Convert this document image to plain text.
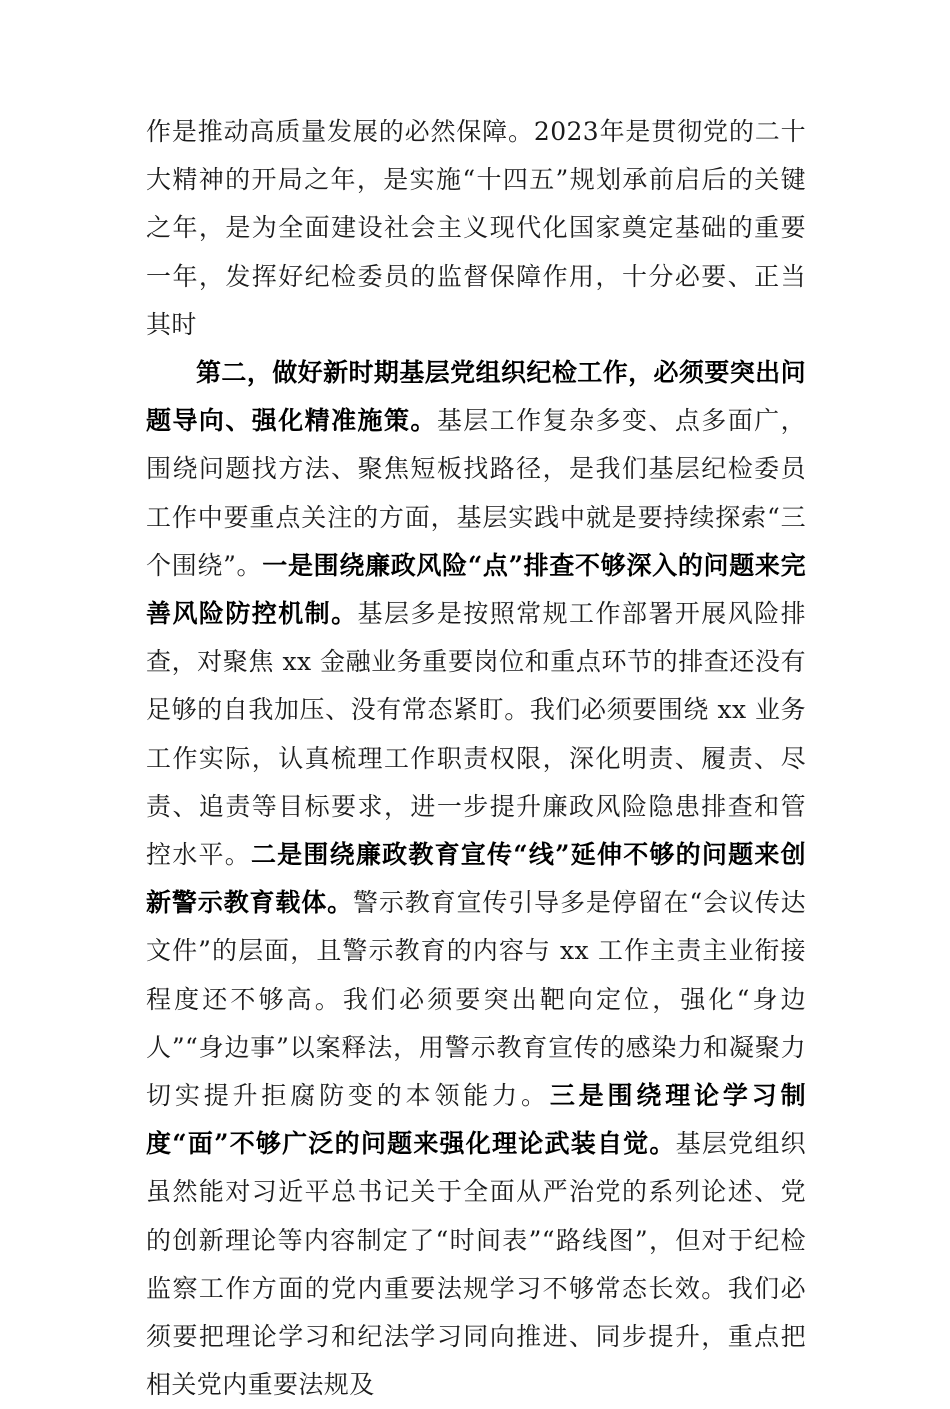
作是推动高质量发展的必然保障。2023年是贯彻党的二十大精神的开局之年，是实施“十四五”规划承前启后的关键之年，是为全面建设社会主义现代化国家奠定基础的重要一年，发挥好纪检委员的监督保障作用，十分必要、正当其时

第二，做好新时期基层党组织纪检工作，必须要突出问题导向、强化精准施策。基层工作复杂多变、点多面广，围绕问题找方法、聚焦短板找路径，是我们基层纪检委员工作中要重点关注的方面，基层实践中就是要持续探索“三个围绕”。一是围绕廉政风险“点”排查不够深入的问题来完善风险防控机制。基层多是按照常规工作部署开展风险排查，对聚焦 xx 金融业务重要岗位和重点环节的排查还没有足够的自我加压、没有常态紧盯。我们必须要围绕 xx 业务工作实际，认真梳理工作职责权限，深化明责、履责、尽责、追责等目标要求，进一步提升廉政风险隐患排查和管控水平。二是围绕廉政教育宣传“线”延伸不够的问题来创新警示教育载体。警示教育宣传引导多是停留在“会议传达文件”的层面，且警示教育的内容与 xx 工作主责主业衔接程度还不够高。我们必须要突出靶向定位，强化“身边人”“身边事”以案释法，用警示教育宣传的感染力和凝聚力切实提升拒腐防变的本领能力。三是围绕理论学习制度“面”不够广泛的问题来强化理论武装自觉。基层党组织虽然能对习近平总书记关于全面从严治党的系列论述、党的创新理论等内容制定了“时间表”“路线图”，但对于纪检监察工作方面的党内重要法规学习不够常态长效。我们必须要把理论学习和纪法学习同向推进、同步提升，重点把相关党内重要法规及
